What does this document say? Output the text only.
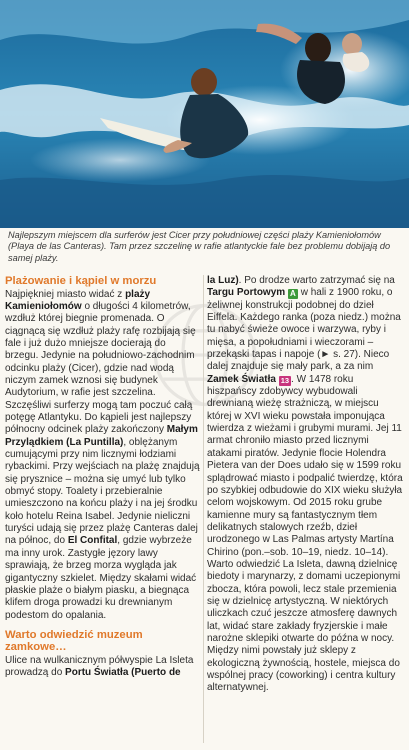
Najlepszym miejscem dla surferów jest Cicer przy południowej części plaży Kamieniołomów (Playa de las Canteras). Tam przez szczelinę w rafie atlantyckie fale bez problemu dobijają do samej plaży.

Plażowanie i kąpiel w morzu

Najpiękniej miasto widać z plaży Kamieniołomów o długości 4 kilometrów, wzdłuż której biegnie promenada. O ciągnącą się wzdłuż plaży rafę rozbijają się fale i już dużo mniejsze docierają do brzegu. Jedynie na południowo-zachodnim odcinku plaży (Cicer), gdzie nad wodą niczym zamek wznosi się budynek Audytorium, w rafie jest szczelina. Szczęśliwi surferzy mogą tam poczuć całą potęgę Atlantyku. Do kąpieli jest najlepszy północny odcinek plaży zakończony Małym Przylądkiem (La Puntilla), oblężanym cumującymi przy nim licznymi łodziami rybackimi. Przy wejściach na plażę znajdują się prysznice – można się umyć lub tylko obmyć stopy. Toalety i przebieralnie umieszczono na końcu plaży i na jej środku koło hotelu Reina Isabel. Jedynie nieliczni turyści udają się przez plażę Canteras dalej na północ, do El Confital, gdzie wybrzeże ma inny urok. Zastygłe jęzory lawy sprawiają, że brzeg morza wygląda jak gigantyczny szkielet. Między skałami widać płaskie plaże o białym piasku, a biegnąca klifem droga prowadzi ku drewnianym podestom do opalania.

Warto odwiedzić muzeum zamkowe…

Ulice na wulkanicznym półwyspie La Isleta prowadzą do Portu Światła (Puerto de

la Luz). Po drodze warto zatrzymać się na Targu Portowym A w hali z 1900 roku, o żeliwnej konstrukcji podobnej do dzieł Eiffela. Każdego ranka (poza niedz.) można tu nabyć świeże owoce i warzywa, ryby i mięsa, a popołudniami i wieczorami – przekąski tapas i napoje (► s. 27). Nieco dalej znajduje się mały park, a za nim Zamek Światła 13 . W 1478 roku hiszpańscy zdobywcy wybudowali drewnianą wieżę strażniczą, w miejscu której w XVI wieku powstała imponująca twierdza z wieżami i grubymi murami. Jej 11 armat chroniło miasto przed licznymi atakami piratów. Jedynie flocie Holendra Pietera van der Does udało się w 1599 roku splądrować miasto i podpalić twierdzę, która po szybkiej odbudowie do XIX wieku służyła celom wojskowym. Od 2015 roku grube kamienne mury są fantastycznym tłem delikatnych stalowych rzeźb, dzieł urodzonego w Las Palmas artysty Martína Chirino (pon.–sob. 10–19, niedz. 10–14). Warto odwiedzić La Isleta, dawną dzielnicę biedoty i marynarzy, z domami uczepionymi zbocza, która powoli, lecz stale przemienia się w dzielnicę artystyczną. W niektórych uliczkach czuć jeszcze atmosferę dawnych lat, widać stare zakłady fryzjerskie i małe narożne sklepiki otwarte do późna w nocy. Między nimi powstały już sklepy z ekologiczną żywnością, hostele, miejsca do wspólnej pracy (coworking) i centra kultury alternatywnej.
